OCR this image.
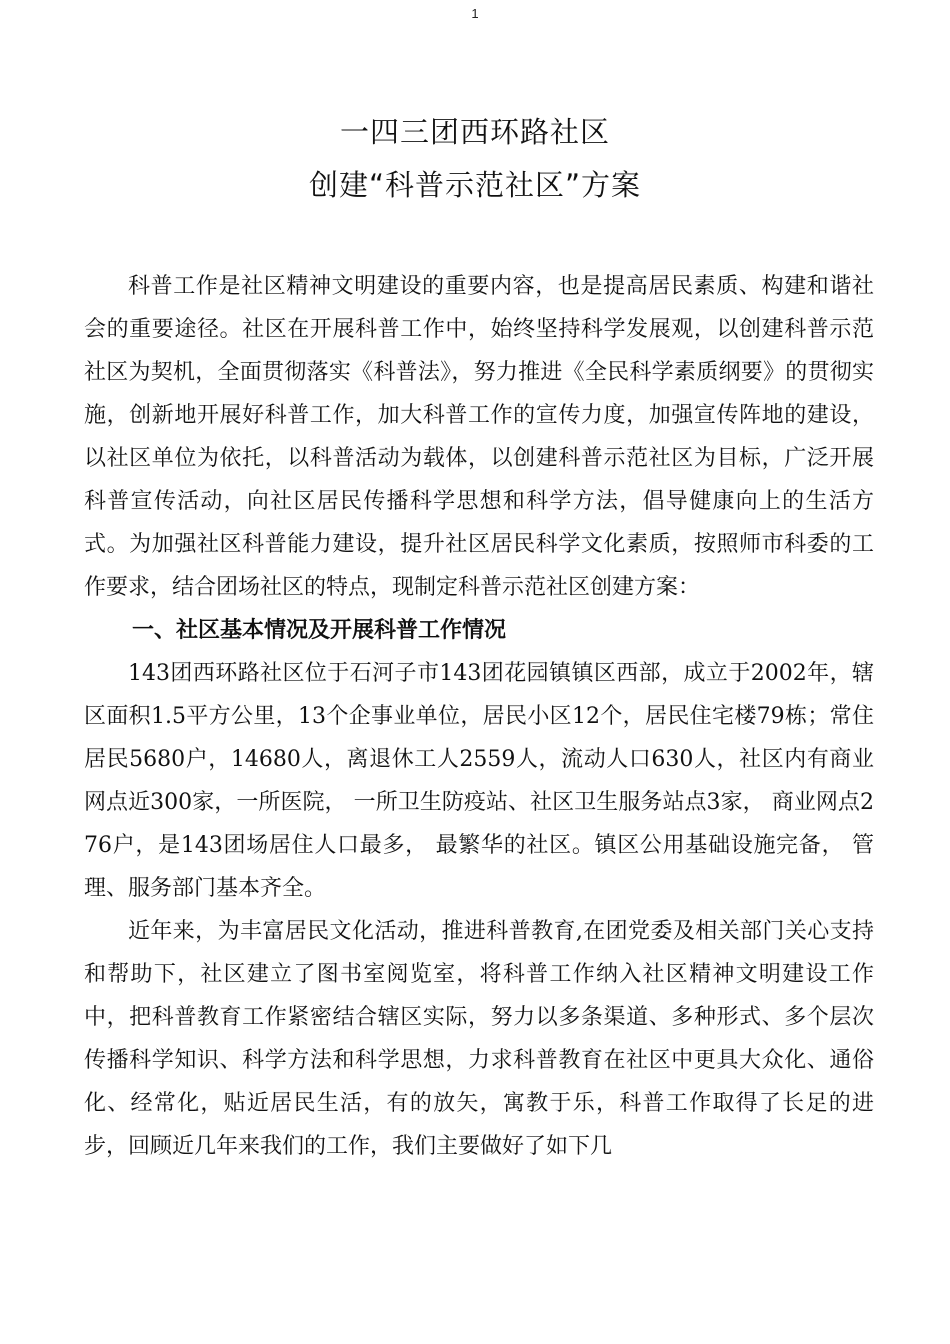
1
一四三团西环路社区
创建“科普示范社区”方案

科普工作是社区精神文明建设的重要内容，也是提高居民素质、构建和谐社会的重要途径。社区在开展科普工作中，始终坚持科学发展观，以创建科普示范社区为契机，全面贯彻落实《科普法》，努力推进《全民科学素质纲要》的贯彻实施，创新地开展好科普工作，加大科普工作的宣传力度，加强宣传阵地的建设，以社区单位为依托，以科普活动为载体，以创建科普示范社区为目标，广泛开展科普宣传活动，向社区居民传播科学思想和科学方法，倡导健康向上的生活方式。为加强社区科普能力建设，提升社区居民科学文化素质，按照师市科委的工作要求，结合团场社区的特点，现制定科普示范社区创建方案：

一、社区基本情况及开展科普工作情况

143团西环路社区位于石河子市143团花园镇镇区西部，成立于2002年，辖区面积1.5平方公里，13个企事业单位，居民小区12个，居民住宅楼79栋；常住居民5680户，14680人，离退休工人2559人，流动人口630人，社区内有商业网点近300家，一所医院， 一所卫生防疫站、社区卫生服务站点3家， 商业网点276户，是143团场居住人口最多， 最繁华的社区。镇区公用基础设施完备， 管理、服务部门基本齐全。

近年来，为丰富居民文化活动，推进科普教育,在团党委及相关部门关心支持和帮助下，社区建立了图书室阅览室，将科普工作纳入社区精神文明建设工作中，把科普教育工作紧密结合辖区实际，努力以多条渠道、多种形式、多个层次传播科学知识、科学方法和科学思想，力求科普教育在社区中更具大众化、通俗化、经常化，贴近居民生活，有的放矢，寓教于乐，科普工作取得了长足的进步，回顾近几年来我们的工作，我们主要做好了如下几
